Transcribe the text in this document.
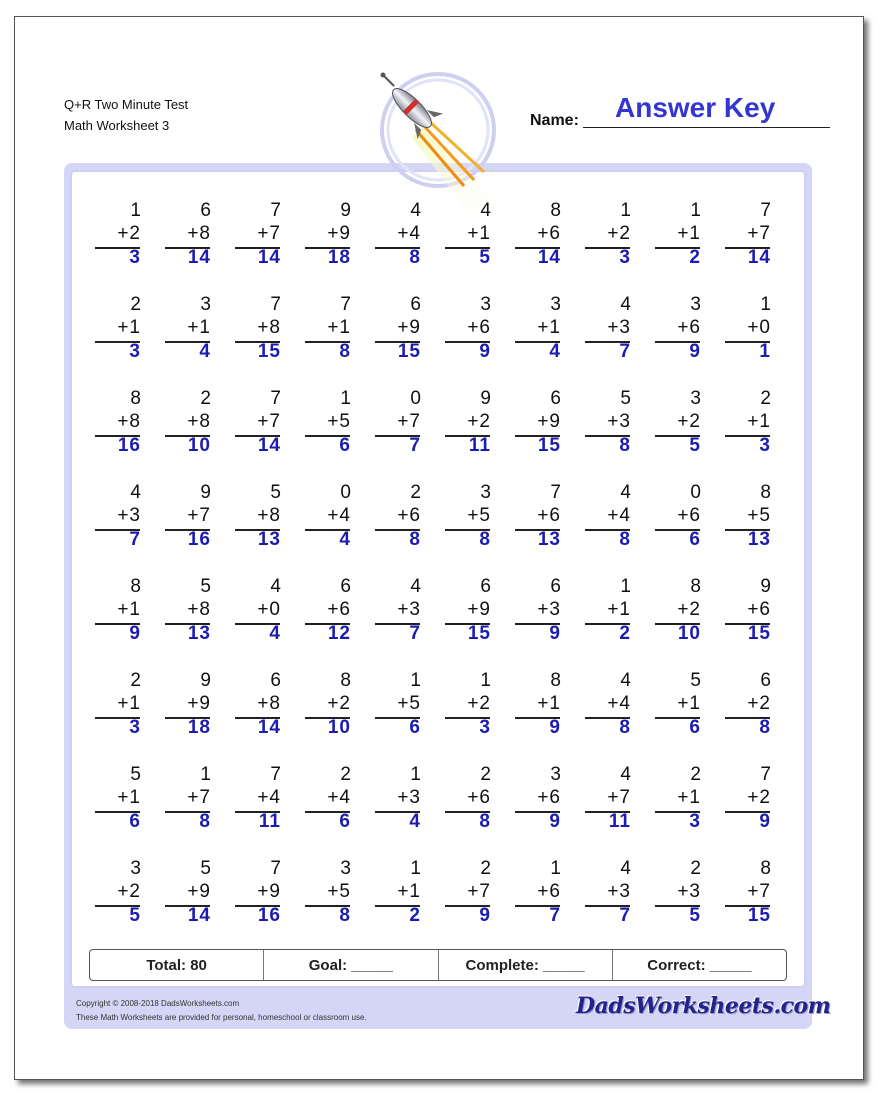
Q+R Two Minute Test
Math Worksheet 3	Name: Answer Key
1
+2
3
6
+8
14
7
+7
14
9
+9
18
4
+4
8
4
+1
5
8
+6
14
1
+2
3
1
+1
2
7
+7
14
2
+1
3
3
+1
4
7
+8
15
7
+1
8
6
+9
15
3
+6
9
3
+1
4
4
+3
7
3
+6
9
1
+0
1
8
+8
16
2
+8
10
7
+7
14
1
+5
6
0
+7
7
9
+2
11
6
+9
15
5
+3
8
3
+2
5
2
+1
3
4
+3
7
9
+7
16
5
+8
13
0
+4
4
2
+6
8
3
+5
8
7
+6
13
4
+4
8
0
+6
6
8
+5
13
8
+1
9
5
+8
13
4
+0
4
6
+6
12
4
+3
7
6
+9
15
6
+3
9
1
+1
2
8
+2
10
9
+6
15
2
+1
3
9
+9
18
6
+8
14
8
+2
10
1
+5
6
1
+2
3
8
+1
9
4
+4
8
5
+1
6
6
+2
8
5
+1
6
1
+7
8
7
+4
11
2
+4
6
1
+3
4
2
+6
8
3
+6
9
4
+7
11
2
+1
3
7
+2
9
3
+2
5
5
+9
14
7
+9
16
3
+5
8
1
+1
2
2
+7
9
1
+6
7
4
+3
7
2
+3
5
8
+7
15
Total: 80	Goal: _____	Complete: _____	Correct: _____
Copyright © 2008-2018 DadsWorksheets.com
These Math Worksheets are provided for personal, homeschool or classroom use.	DadsWorksheets.com
